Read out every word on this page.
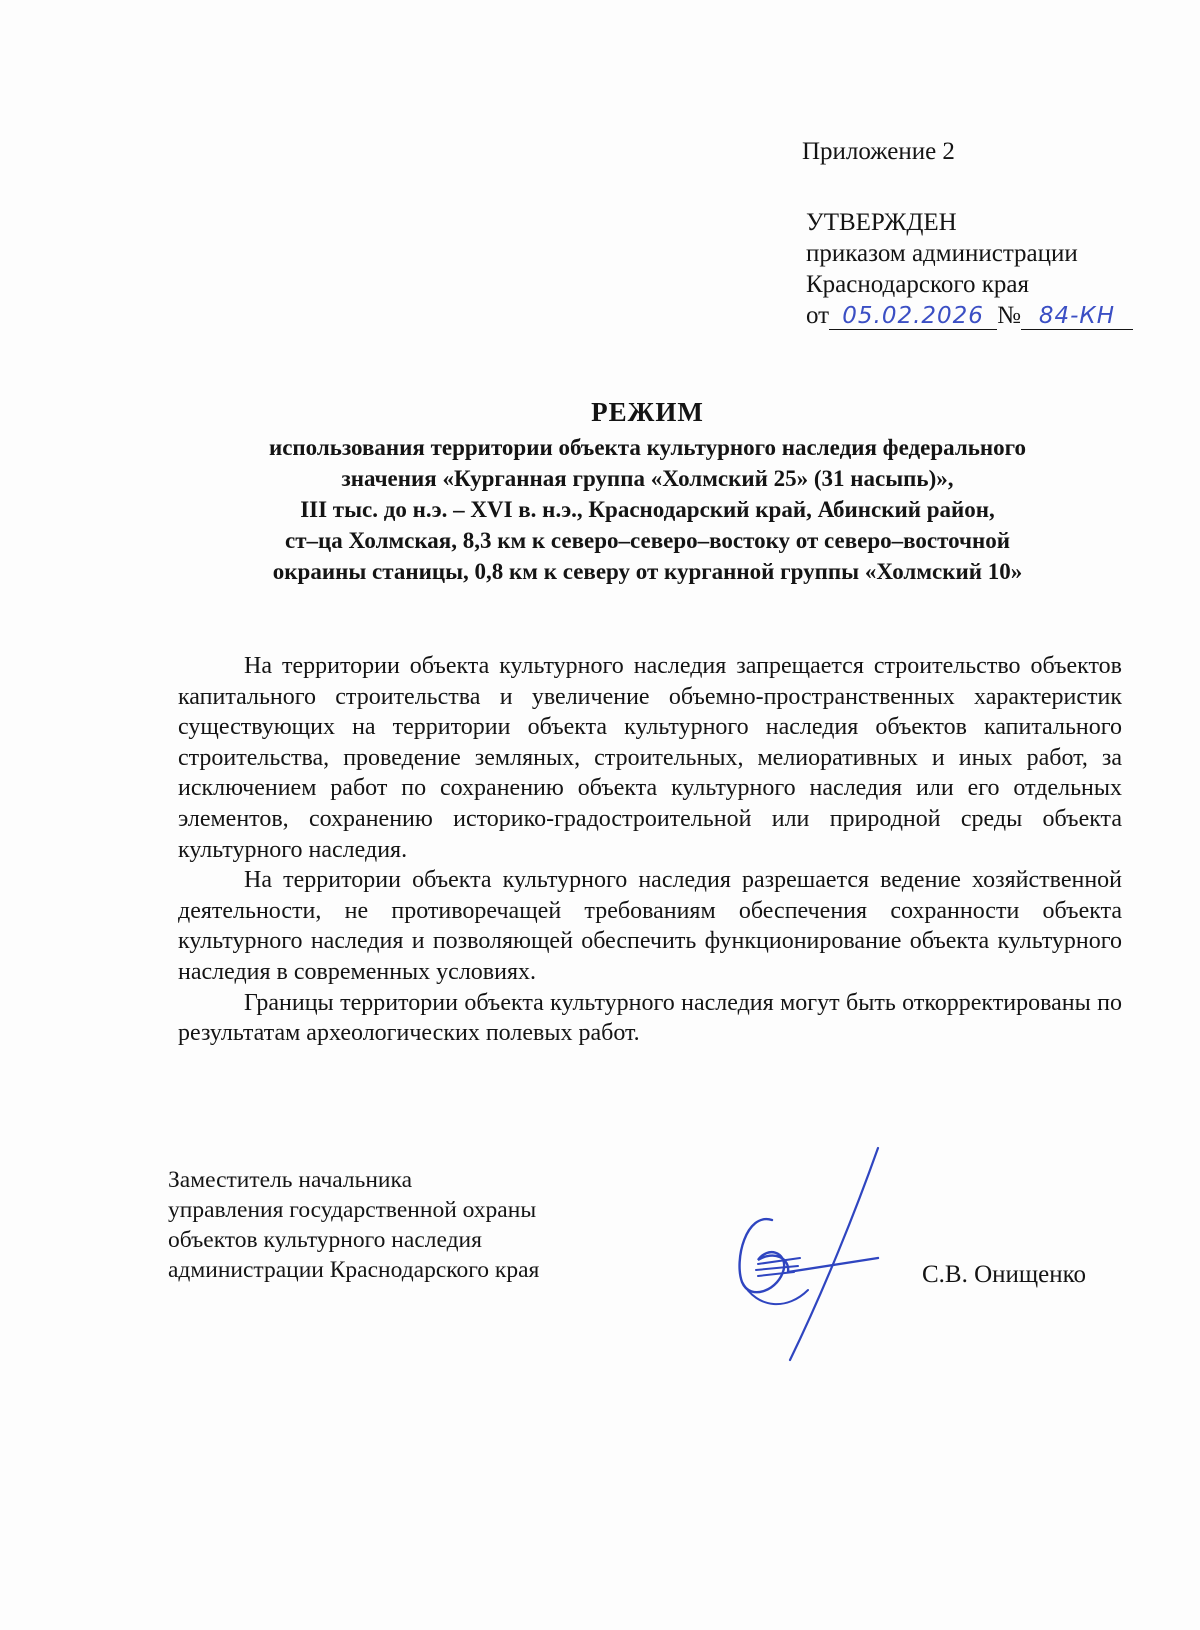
Приложение 2
УТВЕРЖДЕН
приказом администрации
Краснодарского края
от 05.02.2026 № 84-КН
РЕЖИМ
использования территории объекта культурного наследия федерального
значения «Курганная группа «Холмский 25» (31 насыпь)»,
III тыс. до н.э. – XVI в. н.э., Краснодарский край, Абинский район,
ст–ца Холмская, 8,3 км к северо–северо–востоку от северо–восточной
окраины станицы, 0,8 км к северу от курганной группы «Холмский 10»

На территории объекта культурного наследия запрещается строительство объектов капитального строительства и увеличение объемно-пространственных характеристик существующих на территории объекта культурного наследия объектов капитального строительства, проведение земляных, строительных, мелиоративных и иных работ, за исключением работ по сохранению объекта культурного наследия или его отдельных элементов, сохранению историко-градостроительной или природной среды объекта культурного наследия.

На территории объекта культурного наследия разрешается ведение хозяйственной деятельности, не противоречащей требованиям обеспечения сохранности объекта культурного наследия и позволяющей обеспечить функционирование объекта культурного наследия в современных условиях.

Границы территории объекта культурного наследия могут быть откорректированы по результатам археологических полевых работ.

Заместитель начальника
управления государственной охраны
объектов культурного наследия
администрации Краснодарского края	С.В. Онищенко
